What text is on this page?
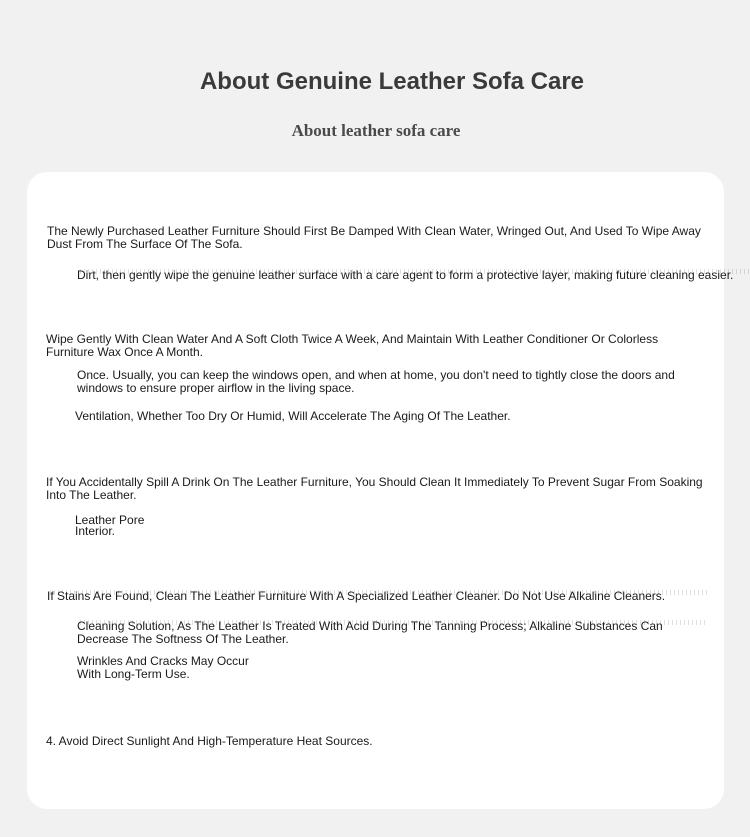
About Genuine Leather Sofa Care
About leather sofa care

The Newly Purchased Leather Furniture Should First Be Damped With Clean Water, Wringed Out, And Used To Wipe Away Dust From The Surface Of The Sofa.

Dirt, then gently wipe the genuine leather surface with a care agent to form a protective layer, making future cleaning easier.

Wipe Gently With Clean Water And A Soft Cloth Twice A Week, And Maintain With Leather Conditioner Or Colorless Furniture Wax Once A Month.

Once. Usually, you can keep the windows open, and when at home, you don't need to tightly close the doors and windows to ensure proper airflow in the living space.

Ventilation, Whether Too Dry Or Humid, Will Accelerate The Aging Of The Leather.

If You Accidentally Spill A Drink On The Leather Furniture, You Should Clean It Immediately To Prevent Sugar From Soaking Into The Leather.

Leather Pore

Interior.

If Stains Are Found, Clean The Leather Furniture With A Specialized Leather Cleaner. Do Not Use Alkaline Cleaners.

Cleaning Solution, As The Leather Is Treated With Acid During The Tanning Process; Alkaline Substances Can Decrease The Softness Of The Leather.

Wrinkles And Cracks May Occur

With Long-Term Use.

4. Avoid Direct Sunlight And High-Temperature Heat Sources.
